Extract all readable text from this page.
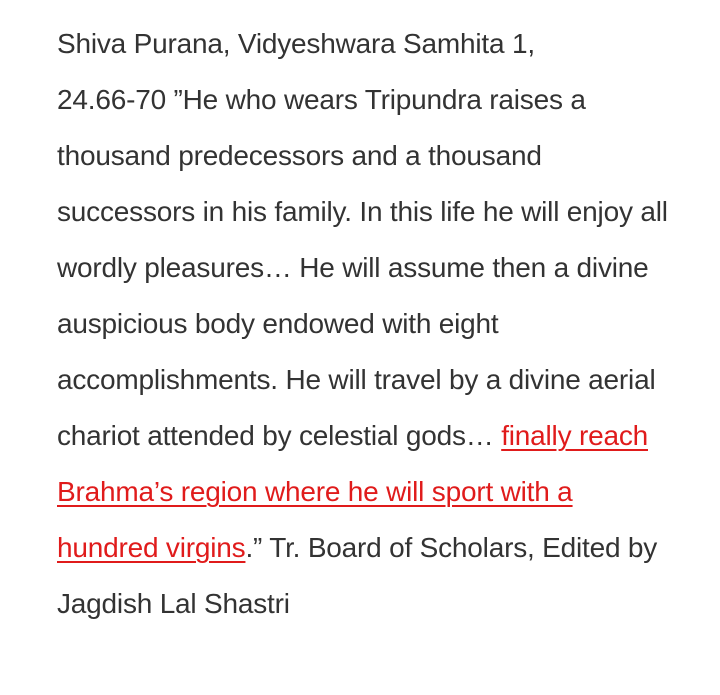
Shiva Purana, Vidyeshwara Samhita 1,
24.66-70 ”He who wears Tripundra raises a thousand predecessors and a thousand successors in his family. In this life he will enjoy all wordly pleasures… He will assume then a divine auspicious body endowed with eight accomplishments. He will travel by a divine aerial chariot attended by celestial gods… finally reach Brahma’s region where he will sport with a hundred virgins.” Tr. Board of Scholars, Edited by Jagdish Lal Shastri
